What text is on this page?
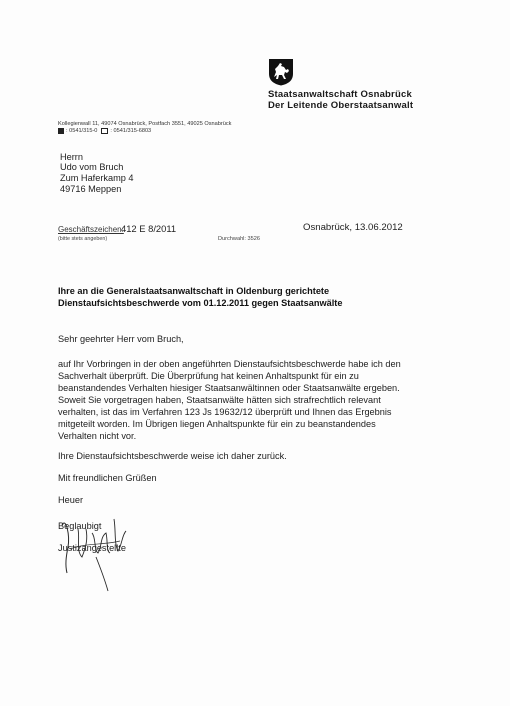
Staatsanwaltschaft Osnabrück
Der Leitende Oberstaatsanwalt
Kollegienwall 11, 49074 Osnabrück, Postfach 3551, 49025 Osnabrück
: 0541/315-0 : 0541/315-6803
Herrn
Udo vom Bruch
Zum Haferkamp 4
49716 Meppen
Geschäftszeichen:
412 E 8/2011
(bitte stets angeben)	Durchwahl: 3526
Osnabrück, 13.06.2012
Ihre an die Generalstaatsanwaltschaft in Oldenburg gerichtete
Dienstaufsichtsbeschwerde vom 01.12.2011 gegen Staatsanwälte
Sehr geehrter Herr vom Bruch,
auf Ihr Vorbringen in der oben angeführten Dienstaufsichtsbeschwerde habe ich den
Sachverhalt überprüft. Die Überprüfung hat keinen Anhaltspunkt für ein zu
beanstandendes Verhalten hiesiger Staatsanwältinnen oder Staatsanwälte ergeben.
Soweit Sie vorgetragen haben, Staatsanwälte hätten sich strafrechtlich relevant
verhalten, ist das im Verfahren 123 Js 19632/12 überprüft und Ihnen das Ergebnis
mitgeteilt worden. Im Übrigen liegen Anhaltspunkte für ein zu beanstandendes
Verhalten nicht vor.
Ihre Dienstaufsichtsbeschwerde weise ich daher zurück.
Mit freundlichen Grüßen
Heuer
Beglaubigt
Justizangestellte
